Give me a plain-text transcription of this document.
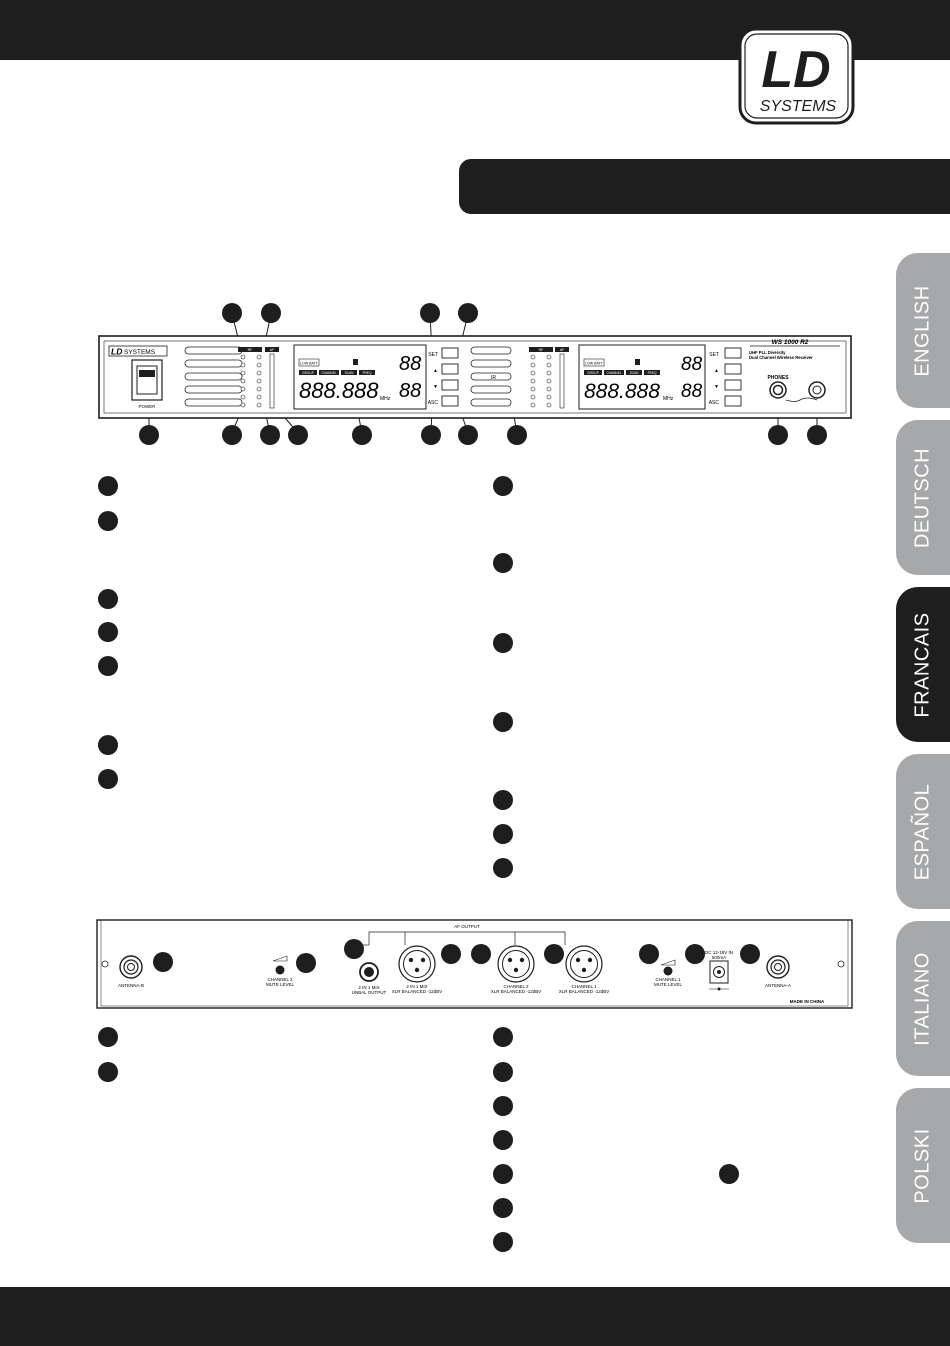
LD
SYSTEMS
ENGLISH
DEUTSCH
FRANCAIS
ESPAÑOL
ITALIANO
POLSKI
LD SYSTEMS
POWER
RF	AF
LOW BATT
GROUP CHANNEL SCAN	FREQ
888.888 MHz
88
88
SET
▲
▼
ASC
IR
RF	AF
LOW BATT
GROUP CHANNEL SCAN	FREQ
888.888 MHz
88
88
SET
▲
▼
ASC
WS 1000 R2
UHF PLL Diversity
Dual Channel Wireless Receiver
PHONES
AF OUTPUT
ANTENNA-B
CHANNEL 2
MUTE LEVEL
2 IN 1 MIX
UNBAL OUTPUT
2 IN 1 MIX
XLR BALANCED -12dBV
CHANNEL 2
XLR BALANCED -12dBV
CHANNEL 1
XLR BALANCED -12dBV
CHANNEL 1
MUTE LEVEL
DC 12-18V IN
500mA
ANTENNA-A
MADE IN CHINA
